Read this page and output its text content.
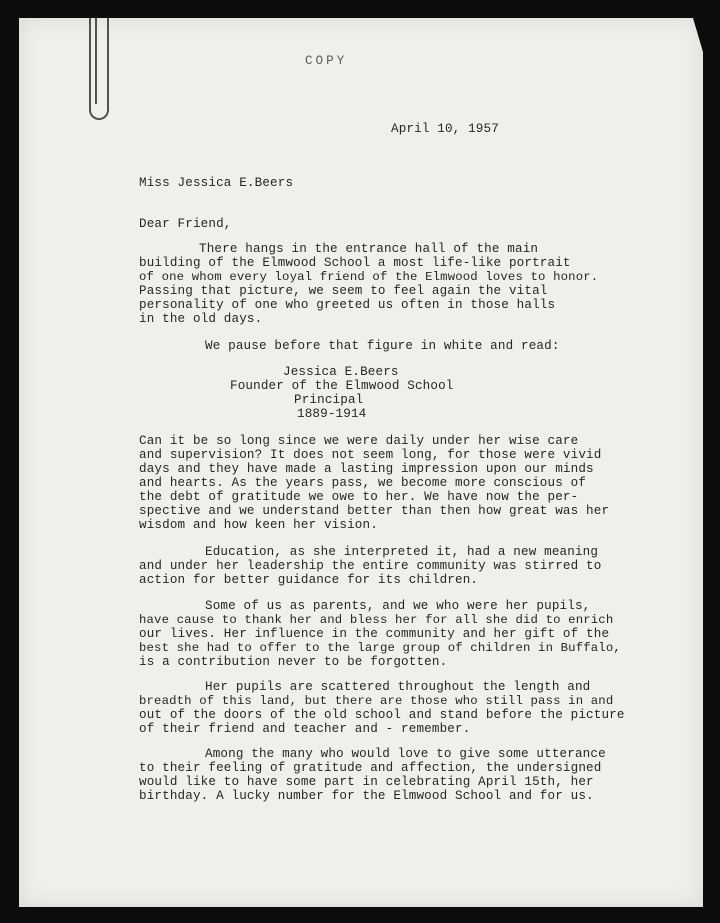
COPY

April 10, 1957

Miss Jessica E.Beers

Dear Friend,

There hangs in the entrance hall of the main

building of the Elmwood School a most life-like portrait

of one whom every loyal friend of the Elmwood loves to honor.

Passing that picture, we seem to feel again the vital

personality of one who greeted us often in those halls

in the old days.

We pause before that figure in white and read:

Jessica E.Beers

Founder of the Elmwood School

Principal

1889-1914

Can it be so long since we were daily under her wise care

and supervision? It does not seem long, for those were vivid

days and they have made a lasting impression upon our minds

and hearts. As the years pass, we become more conscious of

the debt of gratitude we owe to her. We have now the per-

spective and we understand better than then how great was her

wisdom and how keen her vision.

Education, as she interpreted it, had a new meaning

and under her leadership the entire community was stirred to

action for better guidance for its children.

Some of us as parents, and we who were her pupils,

have cause to thank her and bless her for all she did to enrich

our lives. Her influence in the community and her gift of the

best she had to offer to the large group of children in Buffalo,

is a contribution never to be forgotten.

Her pupils are scattered throughout the length and

breadth of this land, but there are those who still pass in and

out of the doors of the old school and stand before the picture

of their friend and teacher and - remember.

Among the many who would love to give some utterance

to their feeling of gratitude and affection, the undersigned

would like to have some part in celebrating April 15th, her

birthday. A lucky number for the Elmwood School and for us.
